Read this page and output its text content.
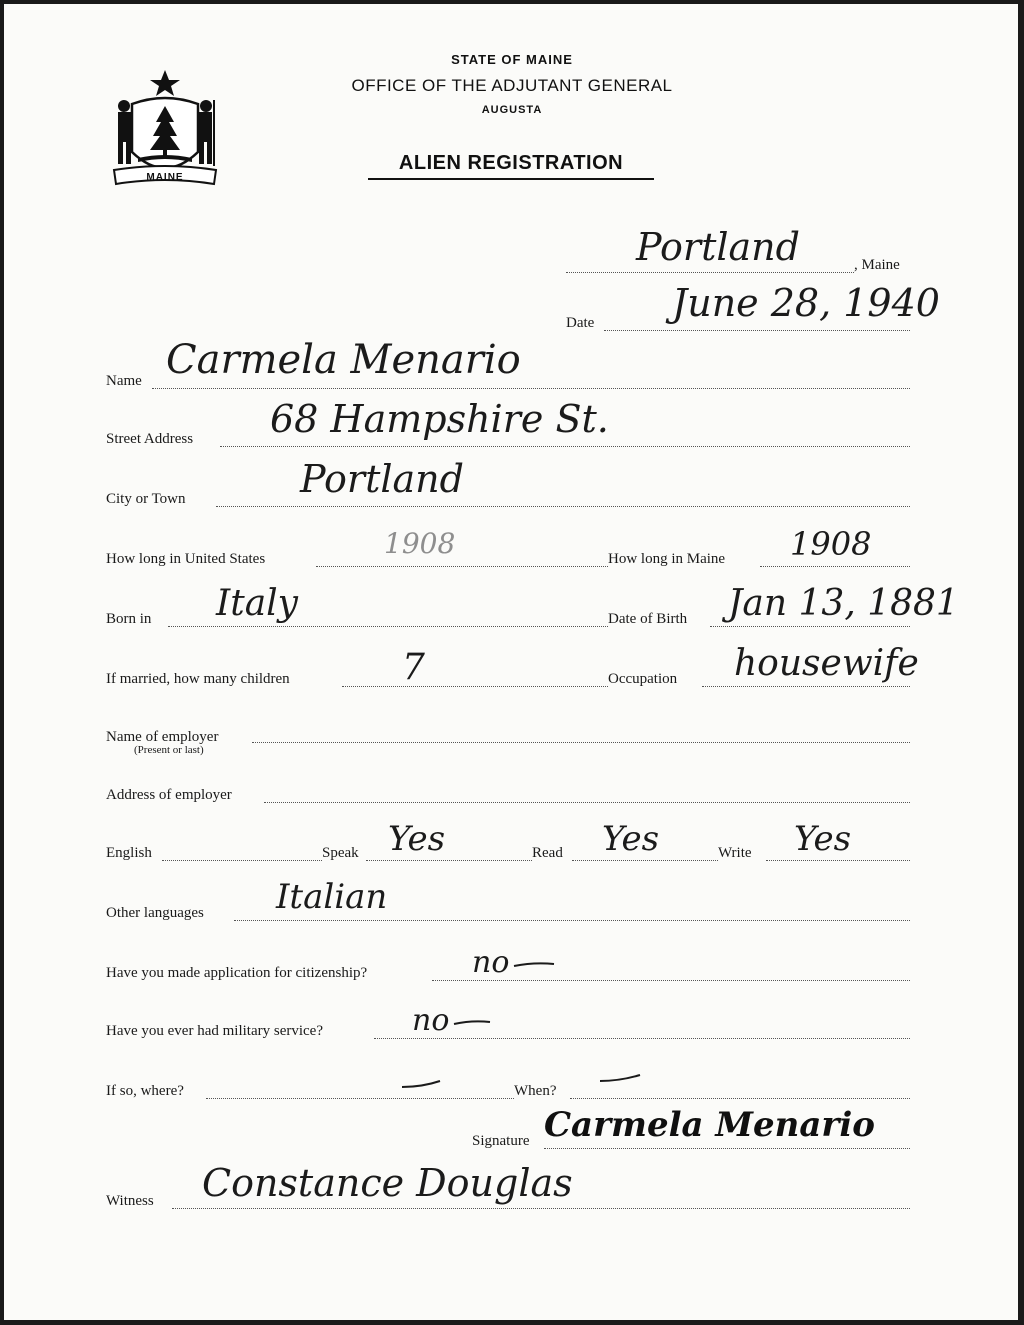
MAINE
STATE OF MAINE
OFFICE OF THE ADJUTANT GENERAL
AUGUSTA
ALIEN REGISTRATION
Portland	, Maine
Date June 28, 1940
Name Carmela Menario
Street Address 68 Hampshire St.
City or Town	Portland
How long in United States	1908	How long in Maine 1908
Born in Italy	Date of Birth Jan 13, 1881
If married, how many children	7	Occupation housewife
Name of employer
(Present or last)
Address of employer
English	Speak Yes	Read Yes	Write Yes
Other languages Italian
Have you made application for citizenship?	no
Have you ever had military service?	no
If so, where?	When?
Signature Carmela Menario
Witness Constance Douglas
